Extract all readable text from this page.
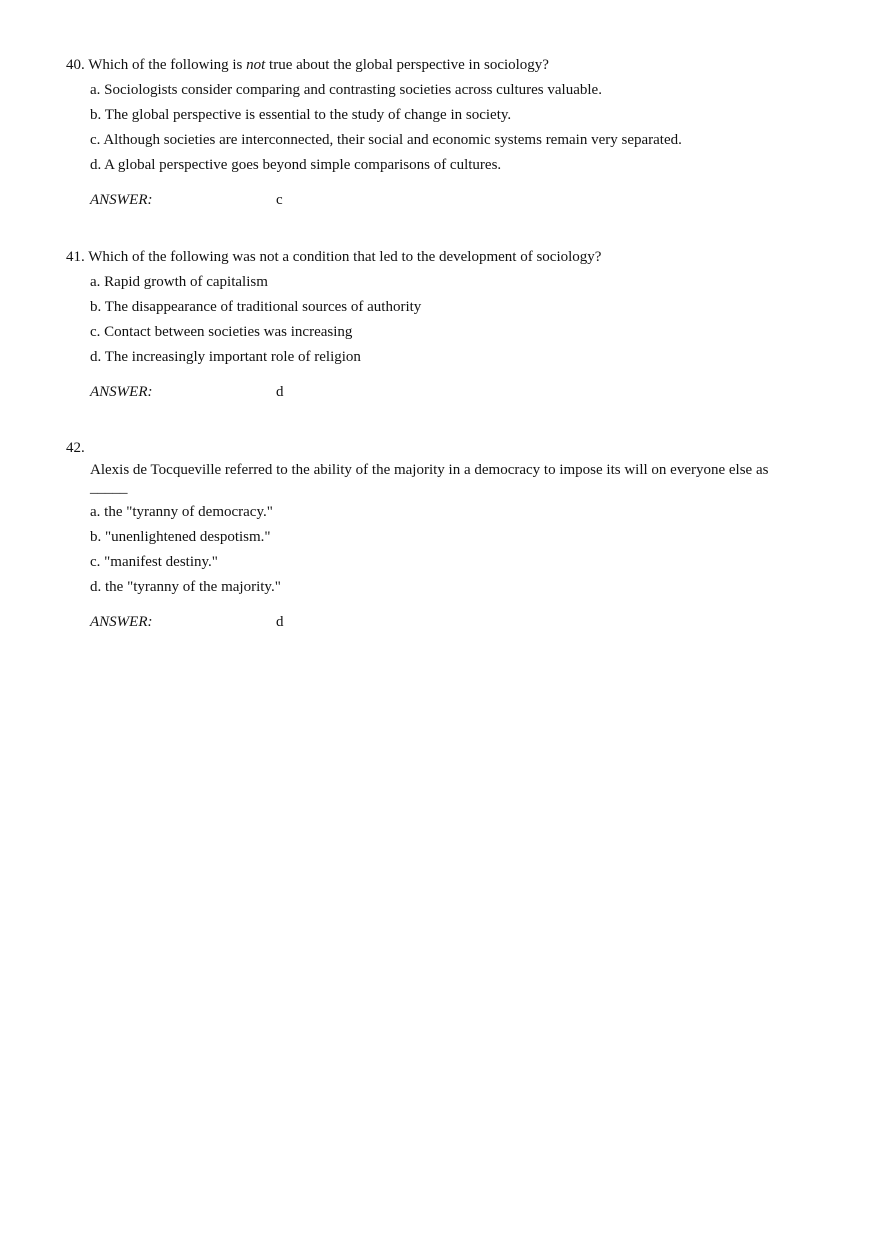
40. Which of the following is not true about the global perspective in sociology?

a. Sociologists consider comparing and contrasting societies across cultures valuable.
b. The global perspective is essential to the study of change in society.
c. Although societies are interconnected, their social and economic systems remain very separated.
d. A global perspective goes beyond simple comparisons of cultures.
ANSWER:	c

41. Which of the following was not a condition that led to the development of sociology?

a. Rapid growth of capitalism
b. The disappearance of traditional sources of authority
c. Contact between societies was increasing
d. The increasingly important role of religion
ANSWER:	d

42.

Alexis de Tocqueville referred to the ability of the majority in a democracy to impose its will on everyone else as
_____

a. the "tyranny of democracy."
b. "unenlightened despotism."
c. "manifest destiny."
d. the "tyranny of the majority."
ANSWER:	d
